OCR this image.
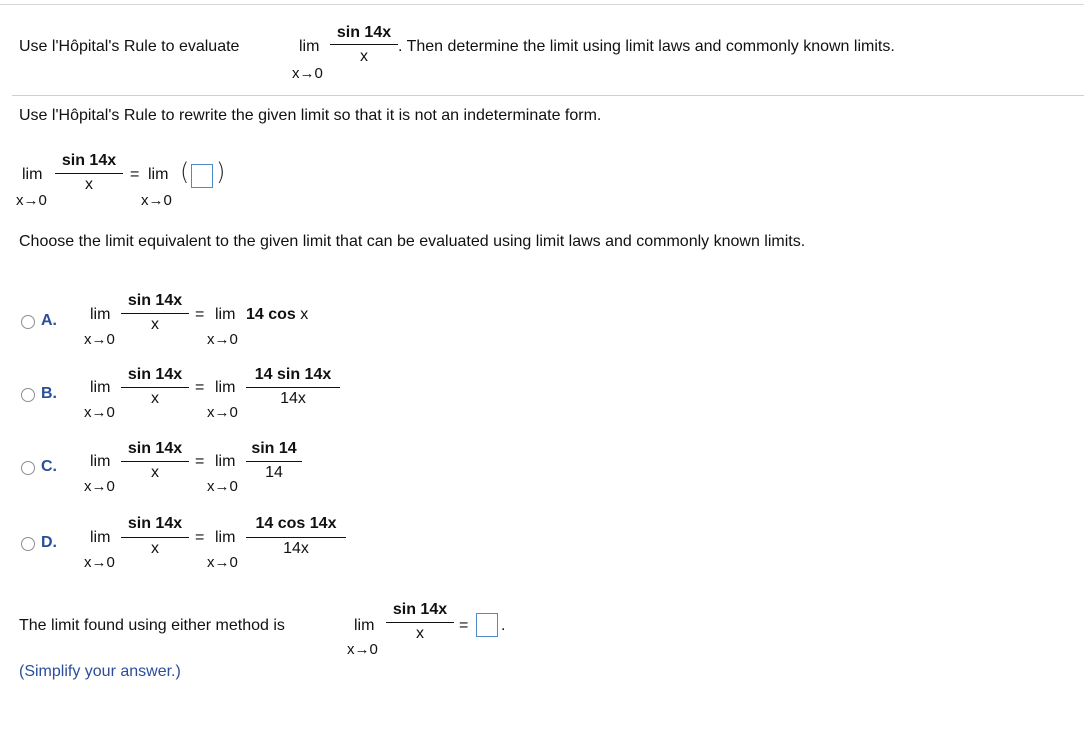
Use l'Hôpital's Rule to evaluate	lim
sin 14x
x
x→0
. Then determine the limit using limit laws and commonly known limits.
Use l'Hôpital's Rule to rewrite the given limit so that it is not an indeterminate form.
lim
sin 14x
x
x→0
= lim
x→0
( )
Choose the limit equivalent to the given limit that can be evaluated using limit laws and commonly known limits.
A. lim
sin 14x
x
x→0
= lim 14 cos x
x→0
B. lim
sin 14x
x
x→0
= lim
14 sin 14x
14x
x→0
C. lim
sin 14x
x
x→0
= lim
sin 14
14
x→0
D. lim
sin 14x
x
x→0
= lim
14 cos 14x
14x
x→0
The limit found using either method is	lim
sin 14x
x
x→0
= .
(Simplify your answer.)
